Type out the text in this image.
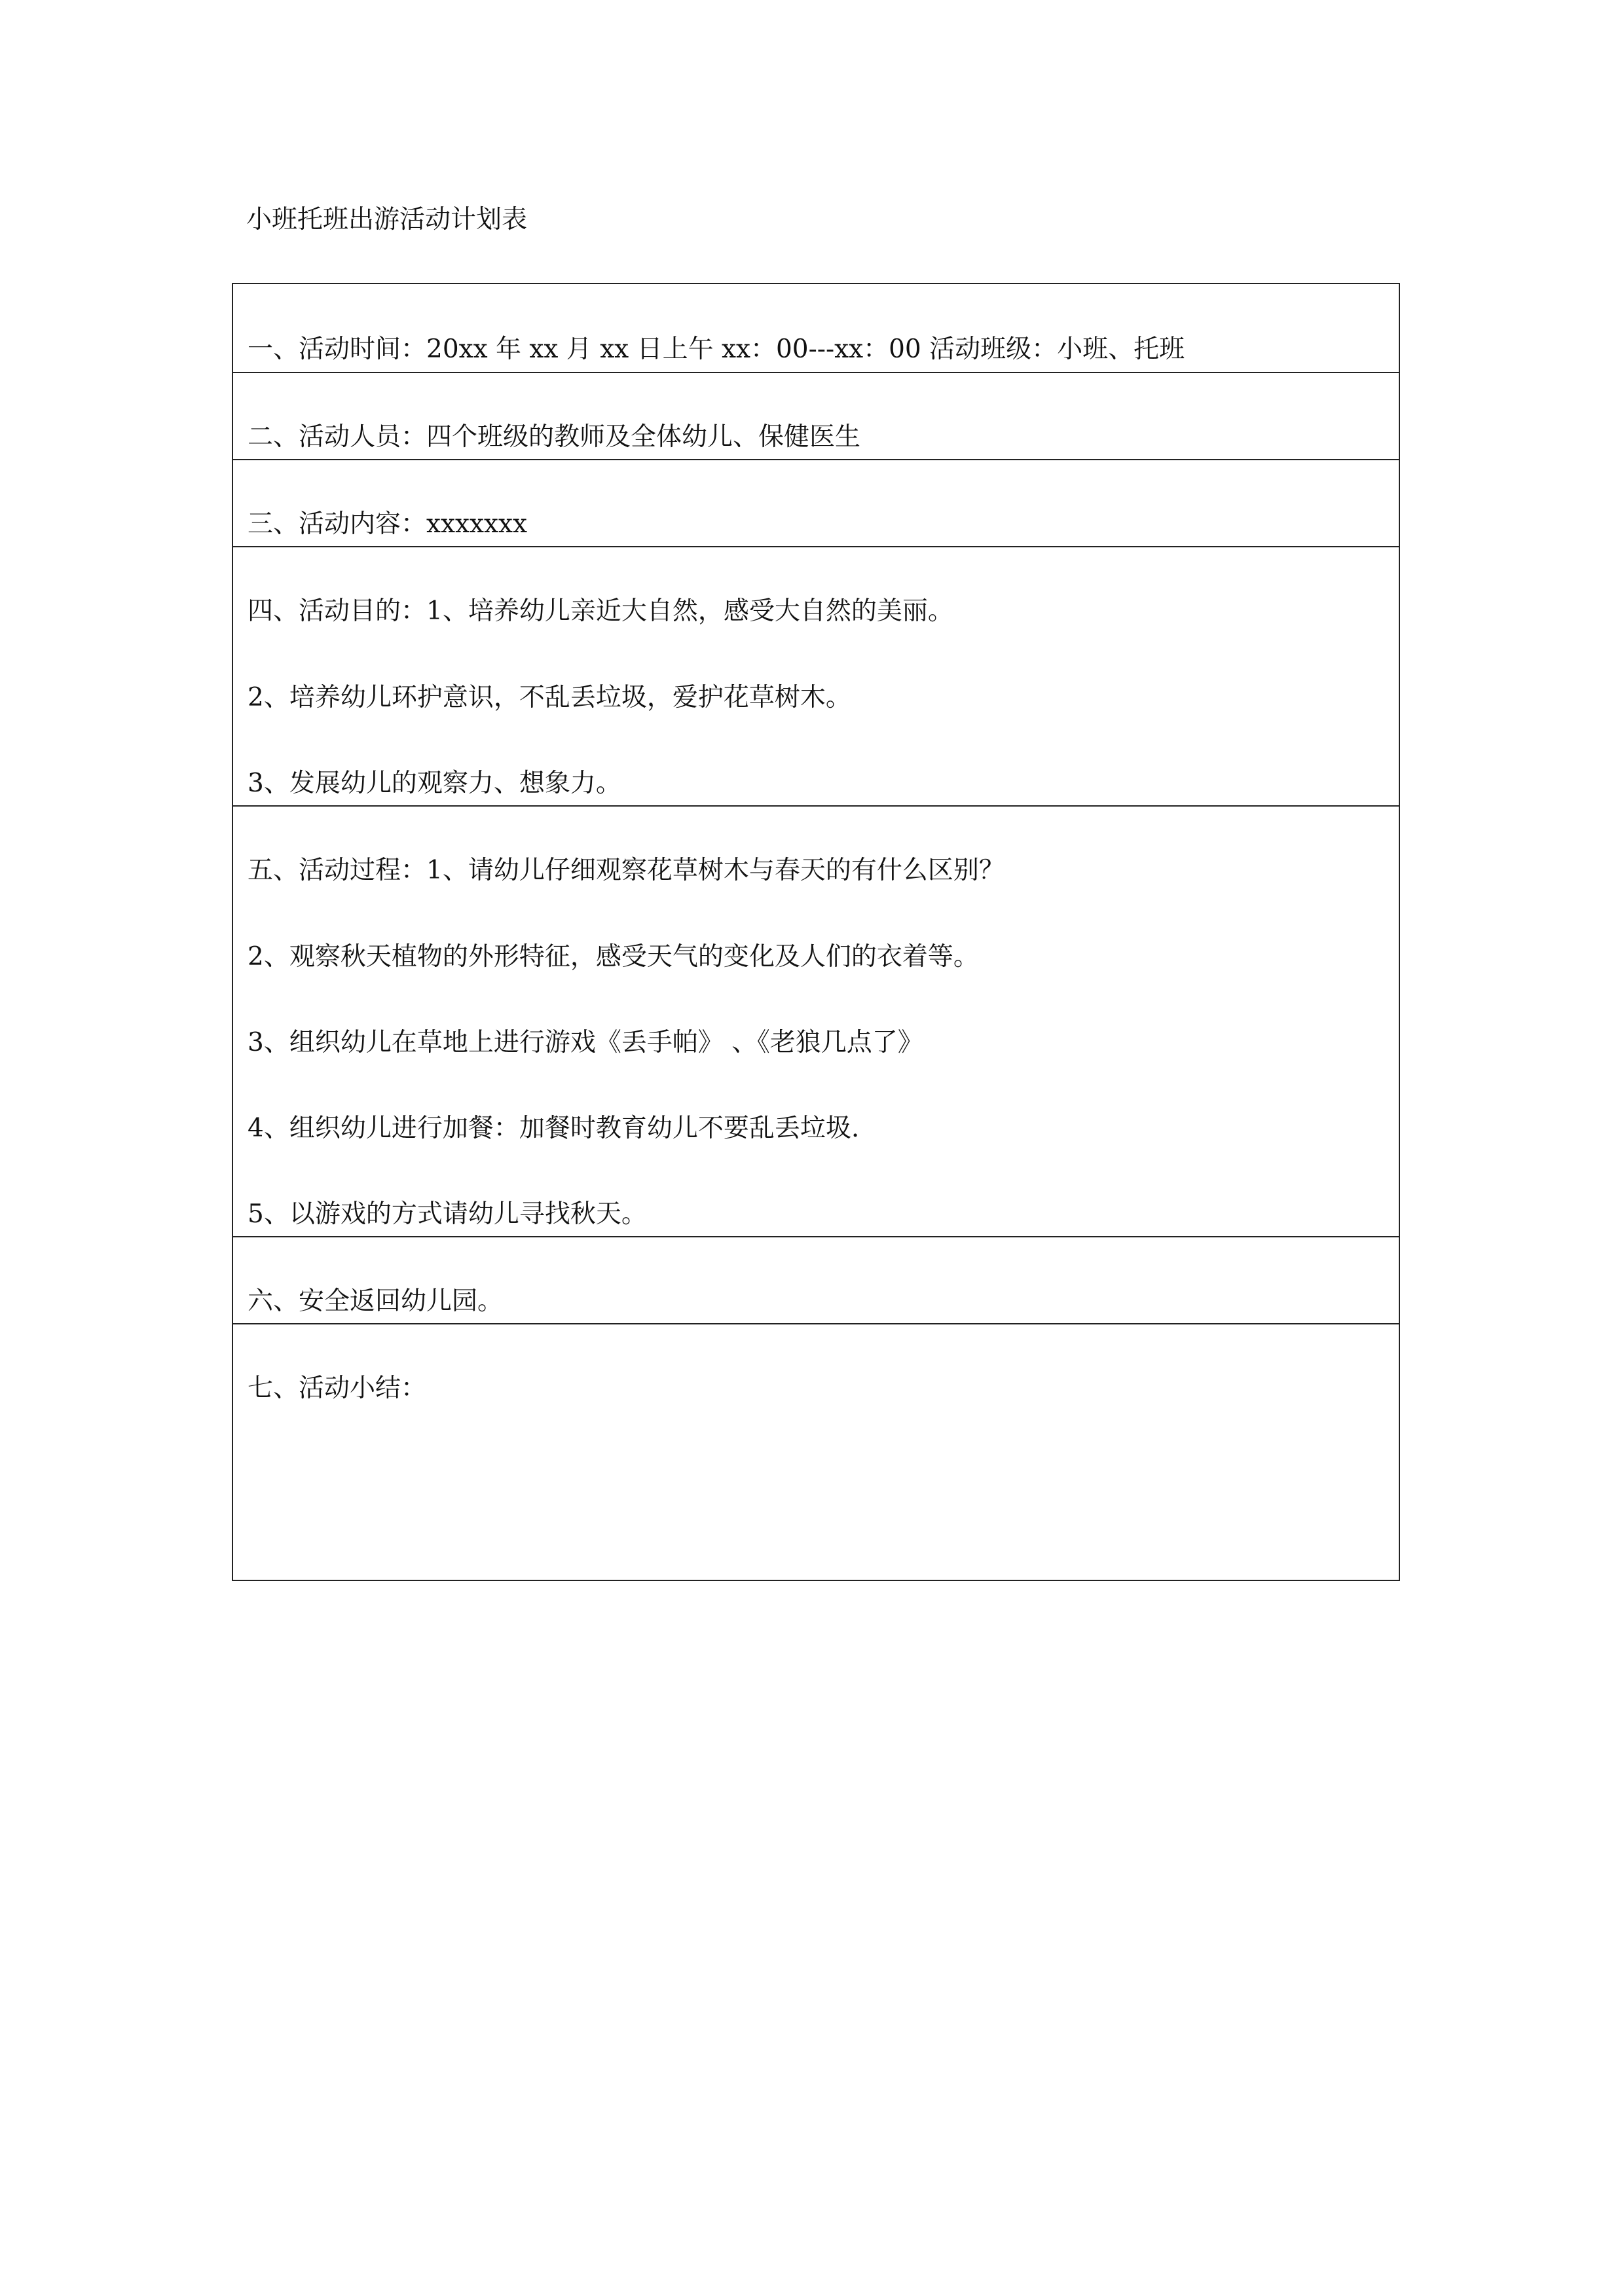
小班托班出游活动计划表
一、活动时间：20xx 年 xx 月 xx 日上午 xx：00---xx：00 活动班级：小班、托班
二、活动人员：四个班级的教师及全体幼儿、保健医生
三、活动内容：xxxxxxx
四、活动目的：1、培养幼儿亲近大自然，感受大自然的美丽。
2、培养幼儿环护意识，不乱丢垃圾，爱护花草树木。
3、发展幼儿的观察力、想象力。
五、活动过程：1、请幼儿仔细观察花草树木与春天的有什么区别？
2、观察秋天植物的外形特征，感受天气的变化及人们的衣着等。
3、组织幼儿在草地上进行游戏《丢手帕》 、《老狼几点了》
4、组织幼儿进行加餐：加餐时教育幼儿不要乱丢垃圾.
5、以游戏的方式请幼儿寻找秋天。
六、安全返回幼儿园。
七、活动小结：
